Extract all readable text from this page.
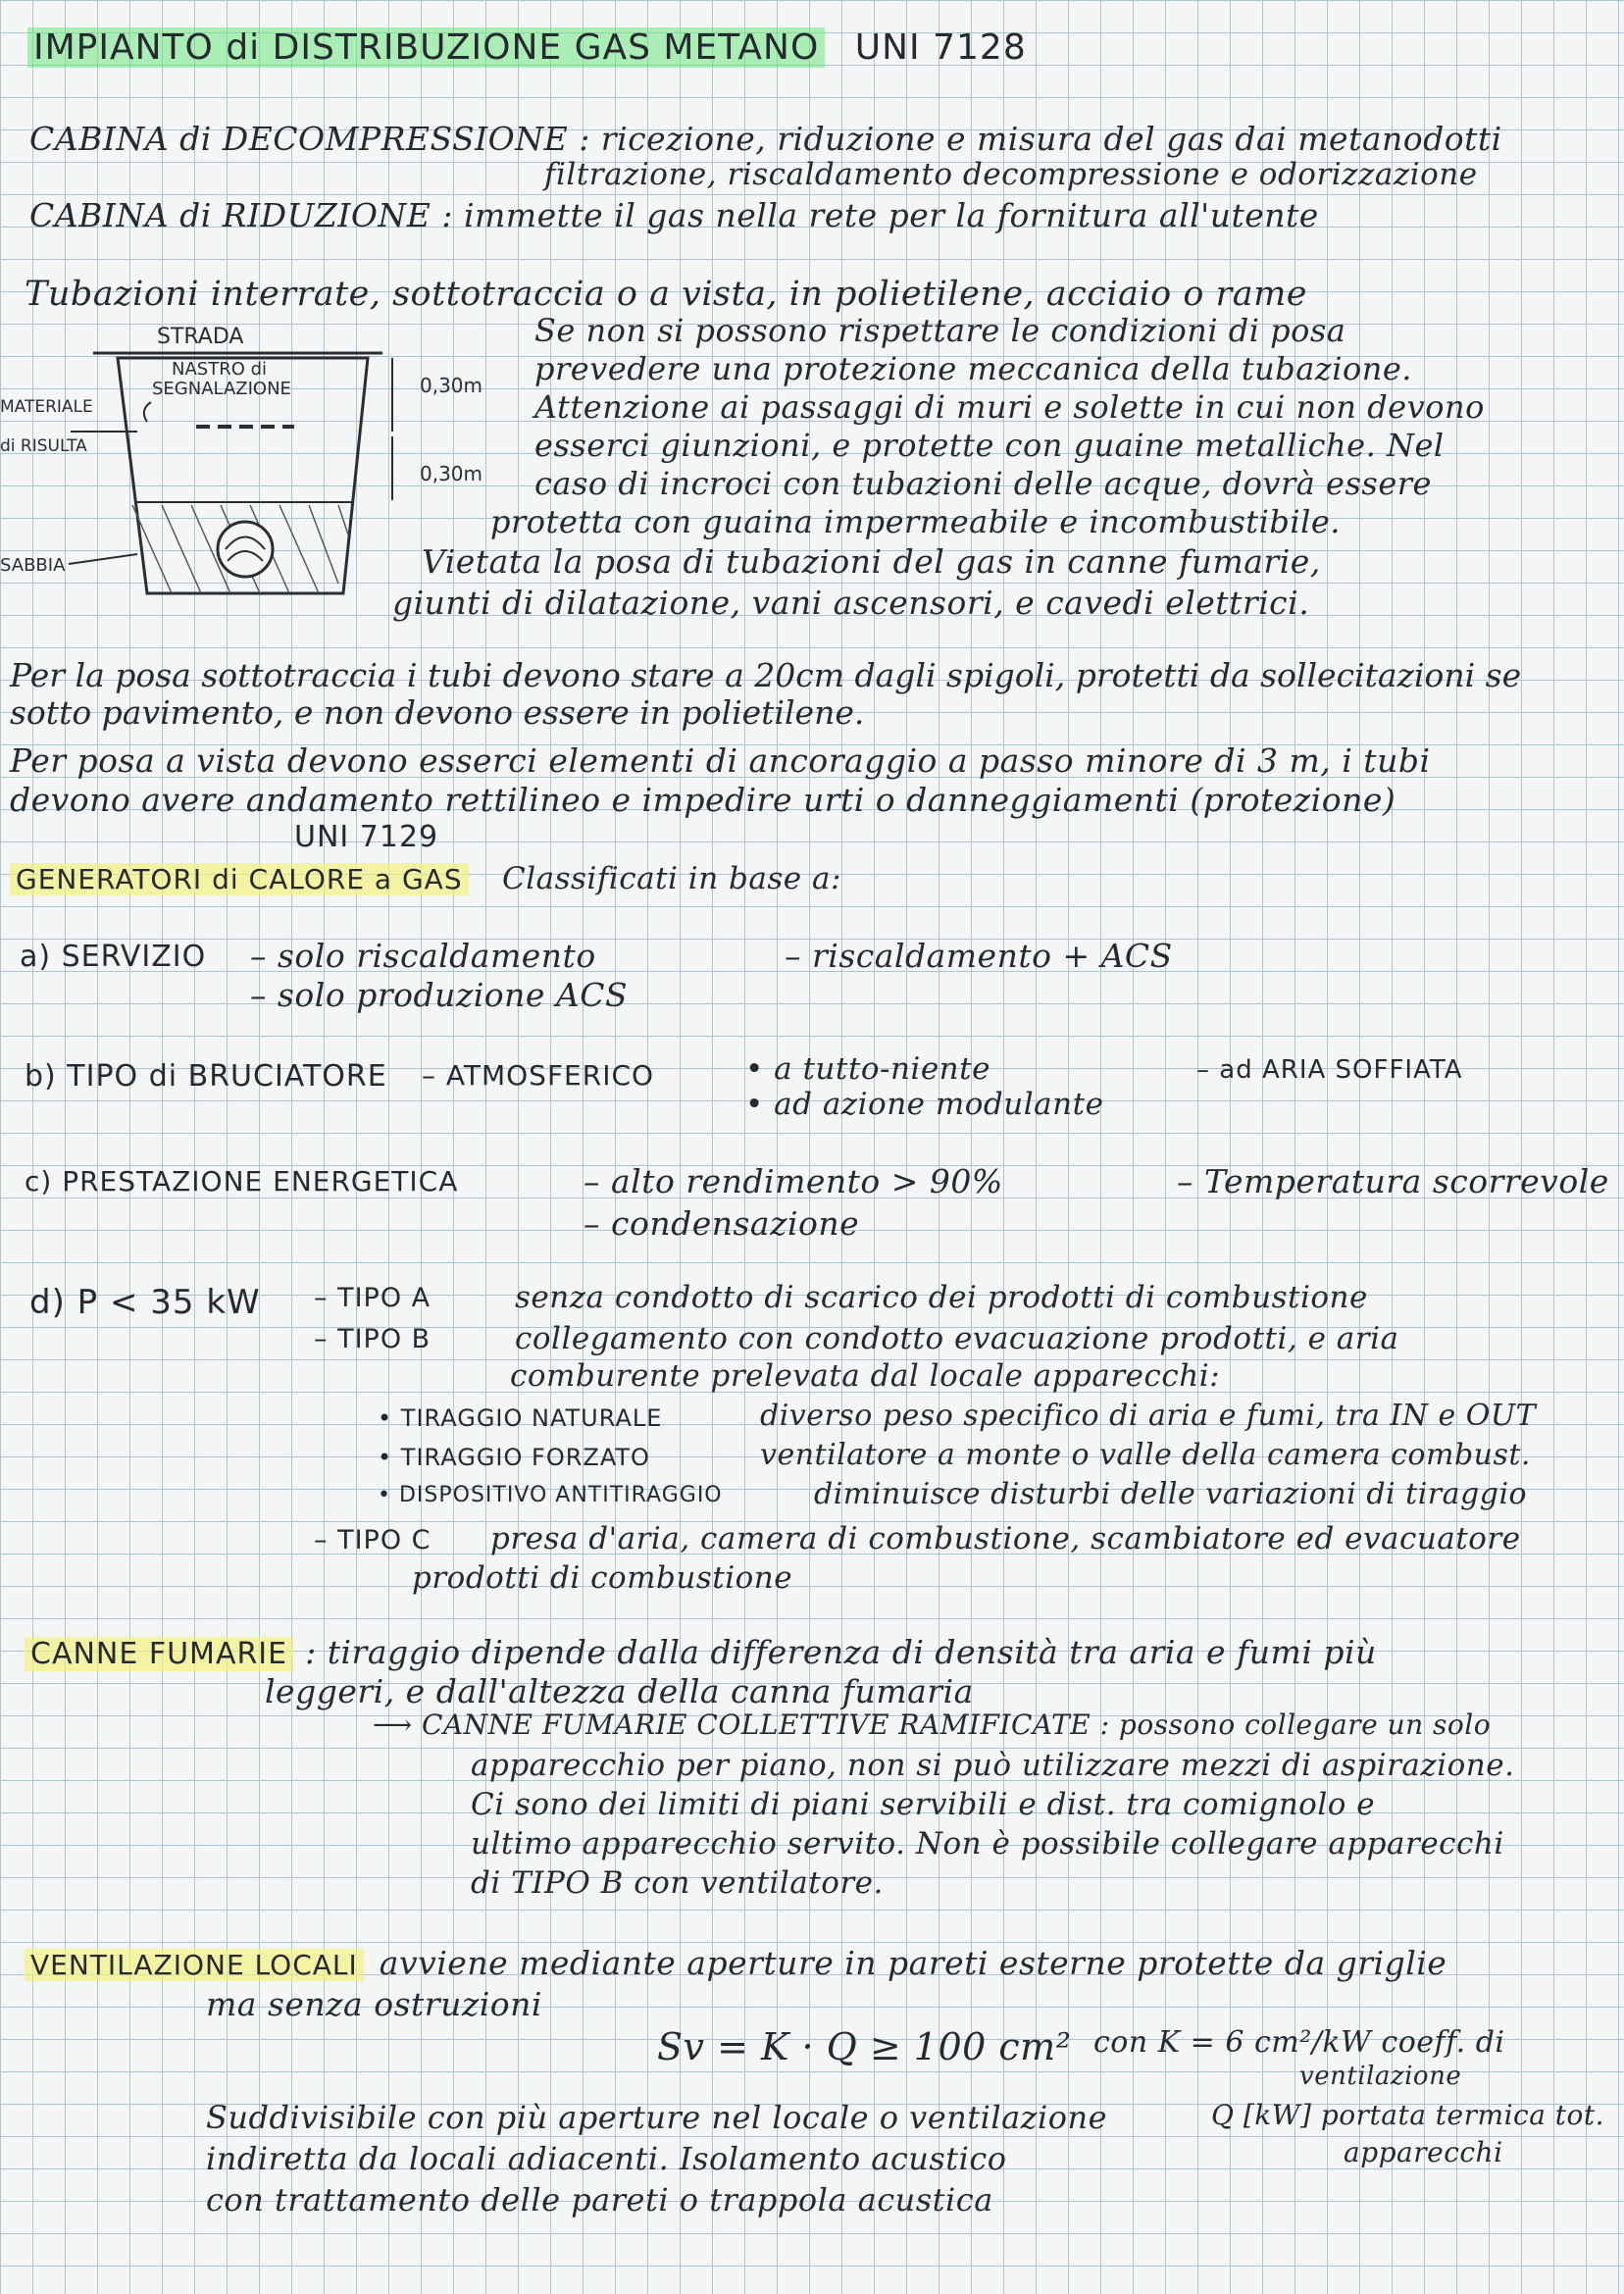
IMPIANTO di DISTRIBUZIONE GAS METANO UNI 7128
CABINA di DECOMPRESSIONE : ricezione, riduzione e misura del gas dai metanodotti
filtrazione, riscaldamento decompressione e odorizzazione
CABINA di RIDUZIONE : immette il gas nella rete per la fornitura all'utente
Tubazioni interrate, sottotraccia o a vista, in polietilene, acciaio o rame
STRADA
NASTRO di
SEGNALAZIONE
MATERIALE
di RISULTA
SABBIA
0,30m
0,30m
Se non si possono rispettare le condizioni di posa
prevedere una protezione meccanica della tubazione.
Attenzione ai passaggi di muri e solette in cui non devono
esserci giunzioni, e protette con guaine metalliche. Nel
caso di incroci con tubazioni delle acque, dovrà essere
protetta con guaina impermeabile e incombustibile.
Vietata la posa di tubazioni del gas in canne fumarie,
giunti di dilatazione, vani ascensori, e cavedi elettrici.
Per la posa sottotraccia i tubi devono stare a 20cm dagli spigoli, protetti da sollecitazioni se sotto pavimento, e non devono essere in polietilene.
Per posa a vista devono esserci elementi di ancoraggio a passo minore di 3 m, i tubi
devono avere andamento rettilineo e impedire urti o danneggiamenti (protezione)
UNI 7129
GENERATORI di CALORE a GAS Classificati in base a:
a) SERVIZIO – solo riscaldamento
– solo produzione ACS
– riscaldamento + ACS
b) TIPO di BRUCIATORE – ATMOSFERICO	• a tutto-niente
• ad azione modulante
– ad ARIA SOFFIATA
c) PRESTAZIONE ENERGETICA	– alto rendimento > 90%
– condensazione
– Temperatura scorrevole
d) P < 35 kW – TIPO A	senza condotto di scarico dei prodotti di combustione
– TIPO B	collegamento con condotto evacuazione prodotti, e aria
comburente prelevata dal locale apparecchi:
• TIRAGGIO NATURALE	diverso peso specifico di aria e fumi, tra IN e OUT
• TIRAGGIO FORZATO	ventilatore a monte o valle della camera combust.
• DISPOSITIVO ANTITIRAGGIO	diminuisce disturbi delle variazioni di tiraggio
– TIPO C presa d'aria, camera di combustione, scambiatore ed evacuatore
prodotti di combustione
CANNE FUMARIE : tiraggio dipende dalla differenza di densità tra aria e fumi più
leggeri, e dall'altezza della canna fumaria
⟶ CANNE FUMARIE COLLETTIVE RAMIFICATE : possono collegare un solo
apparecchio per piano, non si può utilizzare mezzi di aspirazione.
Ci sono dei limiti di piani servibili e dist. tra comignolo e
ultimo apparecchio servito. Non è possibile collegare apparecchi
di TIPO B con ventilatore.
VENTILAZIONE LOCALI avviene mediante aperture in pareti esterne protette da griglie
ma senza ostruzioni
Sv = K · Q ≥ 100 cm² con K = 6 cm²/kW coeff. di
ventilazione
Q [kW] portata termica tot.
apparecchi
Suddivisibile con più aperture nel locale o ventilazione
indiretta da locali adiacenti. Isolamento acustico
con trattamento delle pareti o trappola acustica
